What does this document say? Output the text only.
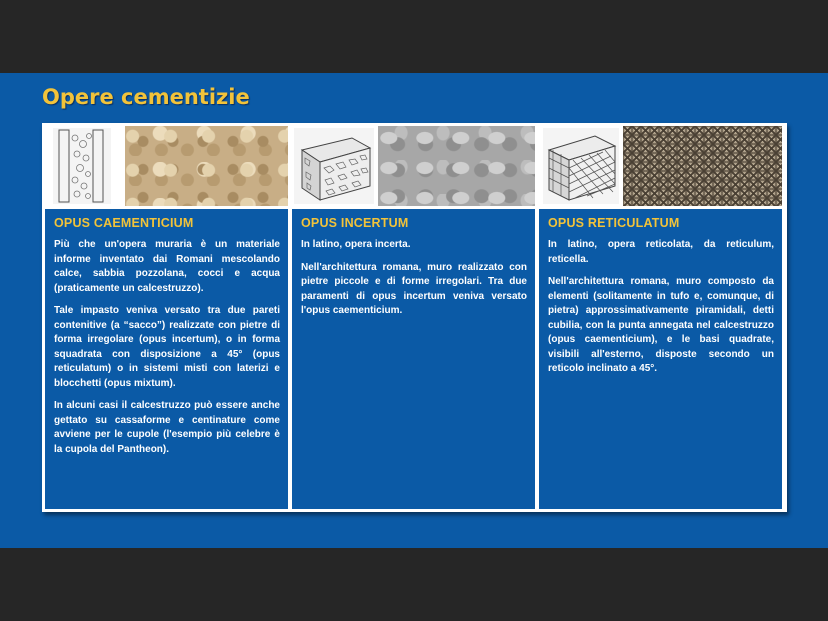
Opere cementizie
OPUS CAEMENTICIUM

Più che un'opera muraria è un materiale informe inventato dai Romani mescolando calce, sabbia pozzolana, cocci e acqua (praticamente un calcestruzzo).

Tale impasto veniva versato tra due pareti contenitive (a “sacco”) realizzate con pietre di forma irregolare (opus incertum), o in forma squadrata con disposizione a 45° (opus reticulatum) o in sistemi misti con laterizi e blocchetti (opus mixtum).

In alcuni casi il calcestruzzo può essere anche gettato su cassaforme e centinature come avviene per le cupole (l'esempio più celebre è la cupola del Pantheon).

OPUS INCERTUM

In latino, opera incerta.

Nell'architettura romana, muro realizzato con pietre piccole e di forme irregolari. Tra due paramenti di opus incertum veniva versato l'opus caementicium.

OPUS RETICULATUM

In latino, opera reticolata, da reticulum, reticella.

Nell'architettura romana, muro composto da elementi (solitamente in tufo e, comunque, di pietra) approssimativamente piramidali, detti cubilia, con la punta annegata nel calcestruzzo (opus caementicium), e le basi quadrate, visibili all'esterno, disposte secondo un reticolo inclinato a 45°.
